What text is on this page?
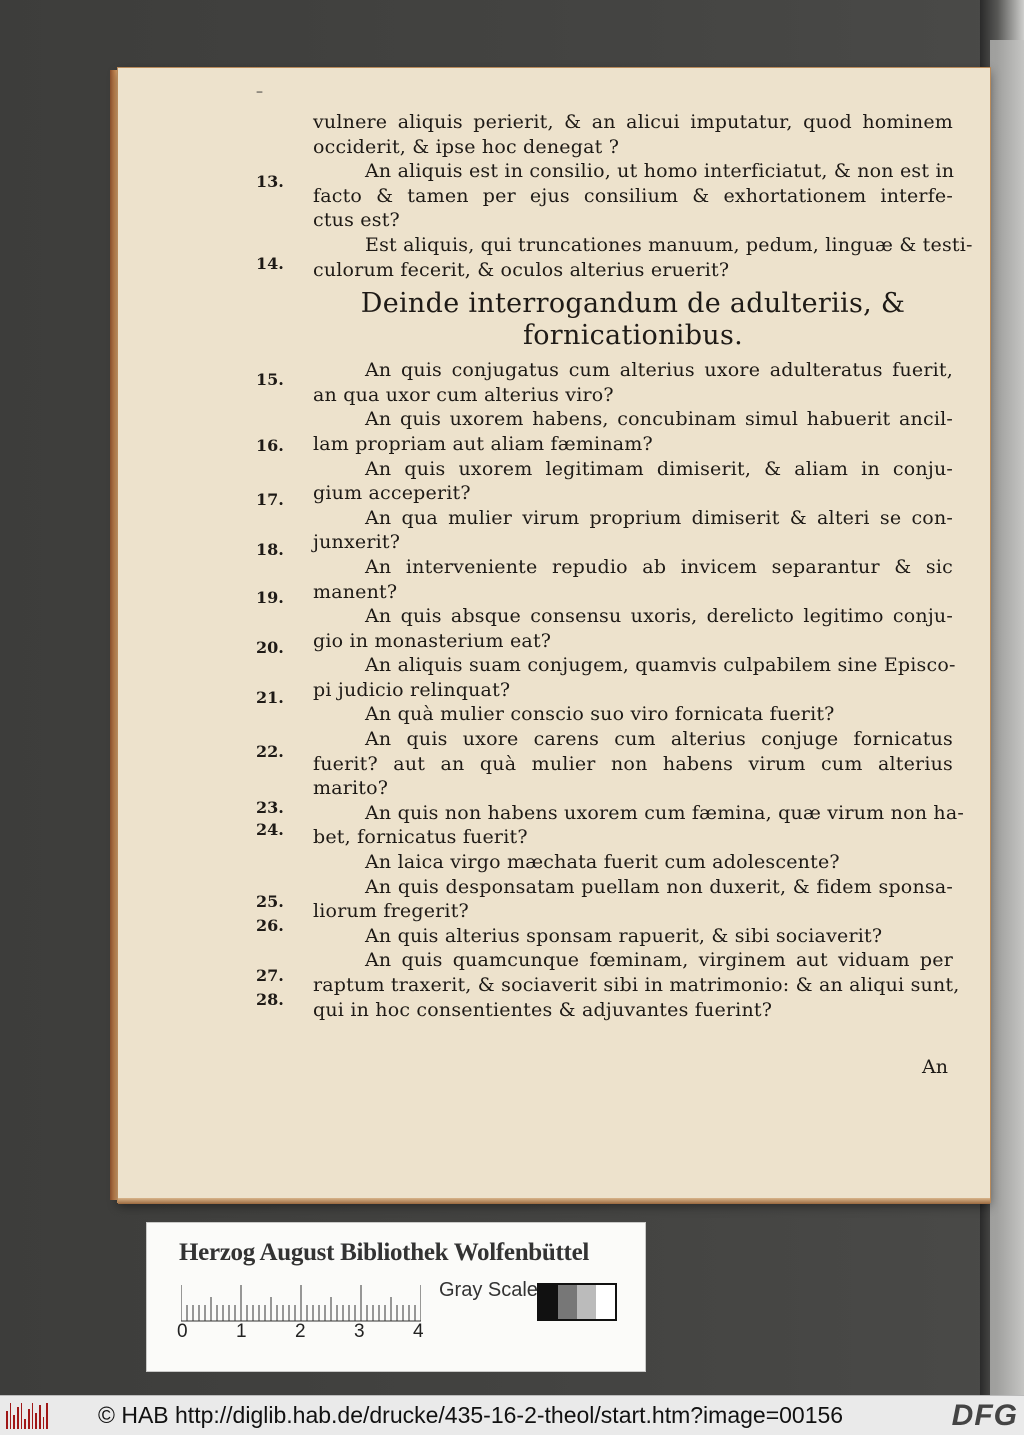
–
vulnere aliquis perierit, & an alicui imputatur, quod hominem
occiderit, & ipse hoc denegat ?
An aliquis est in consilio, ut homo interficiatut, & non est in
facto & tamen per ejus consilium & exhortationem interfe-
ctus est?
Est aliquis, qui truncationes manuum, pedum, linguæ & testi-
culorum fecerit, & oculos alterius eruerit?
Deinde interrogandum de adulteriis, &
fornicationibus.
An quis conjugatus cum alterius uxore adulteratus fuerit,
an qua uxor cum alterius viro?
An quis uxorem habens, concubinam simul habuerit ancil-
lam propriam aut aliam fæminam?
An quis uxorem legitimam dimiserit, & aliam in conju-
gium acceperit?
An qua mulier virum proprium dimiserit & alteri se con-
junxerit?
An interveniente repudio ab invicem separantur & sic
manent?
An quis absque consensu uxoris, derelicto legitimo conju-
gio in monasterium eat?
An aliquis suam conjugem, quamvis culpabilem sine Episco-
pi judicio relinquat?
An quà mulier conscio suo viro fornicata fuerit?
An quis uxore carens cum alterius conjuge fornicatus
fuerit? aut an quà mulier non habens virum cum alterius
marito?
An quis non habens uxorem cum fæmina, quæ virum non ha-
bet, fornicatus fuerit?
An laica virgo mæchata fuerit cum adolescente?
An quis desponsatam puellam non duxerit, & fidem sponsa-
liorum fregerit?
An quis alterius sponsam rapuerit, & sibi sociaverit?
An quis quamcunque fœminam, virginem aut viduam per
raptum traxerit, & sociaverit sibi in matrimonio: & an aliqui sunt,
qui in hoc consentientes & adjuvantes fuerint?
13.
14.
15.
16.
17.
18.
19.
20.
21.
22.
23.
24.
25.
26.
27.
28.
An
Herzog August Bibliothek Wolfenbüttel
0	1	2	3	4
Gray Scale
© HAB http://diglib.hab.de/drucke/435-16-2-theol/start.htm?image=00156	DFG
